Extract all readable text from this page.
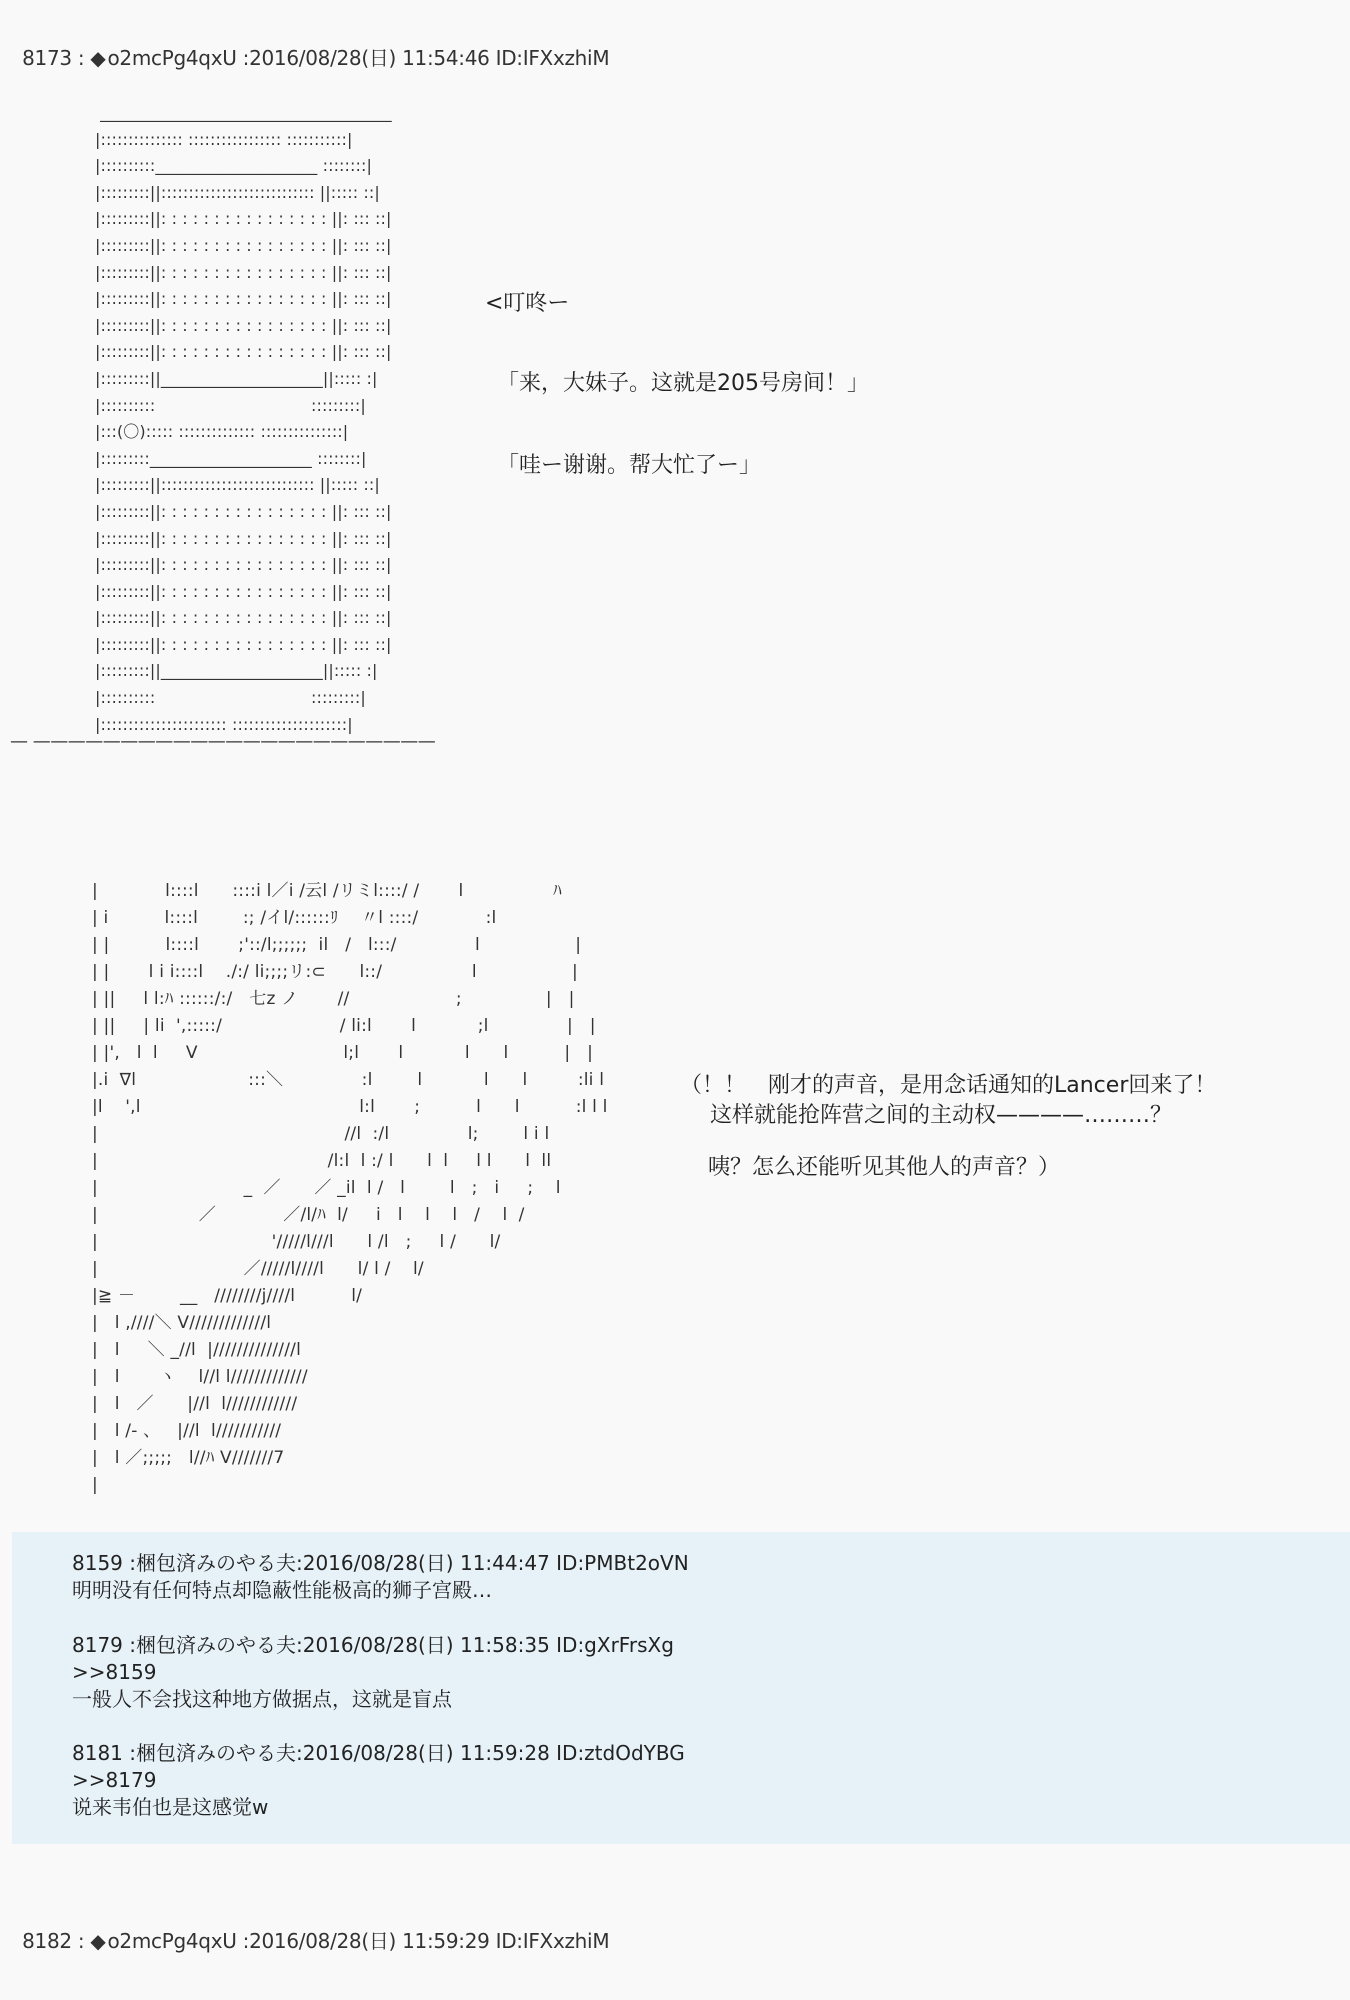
8173 : ◆ o2mcPg4qxU :2016/08/28(日) 11:54:46 ID:IFXxzhiM

____________________________________
|::::::::::::::: ::::::::::::::::: :::::::::::|
|::::::::::____________________ ::::::::|
|:::::::::||:::::::::::::::::::::::::::: ||::::: ::|
|:::::::::||: : : : : : : : : : : : : : : : ||: ::: ::|
|:::::::::||: : : : : : : : : : : : : : : : ||: ::: ::|
|:::::::::||: : : : : : : : : : : : : : : : ||: ::: ::|
|:::::::::||: : : : : : : : : : : : : : : : ||: ::: ::|
|:::::::::||: : : : : : : : : : : : : : : : ||: ::: ::|
|:::::::::||: : : : : : : : : : : : : : : : ||: ::: ::|
|:::::::::||____________________||::::: :|
|::::::::::                              :::::::::|
|:::(〇)::::: :::::::::::::: :::::::::::::::|
|:::::::::____________________ ::::::::|
|:::::::::||:::::::::::::::::::::::::::: ||::::: ::|
|:::::::::||: : : : : : : : : : : : : : : : ||: ::: ::|
|:::::::::||: : : : : : : : : : : : : : : : ||: ::: ::|
|:::::::::||: : : : : : : : : : : : : : : : ||: ::: ::|
|:::::::::||: : : : : : : : : : : : : : : : ||: ::: ::|
|:::::::::||: : : : : : : : : : : : : : : : ||: ::: ::|
|:::::::::||: : : : : : : : : : : : : : : : ||: ::: ::|
|:::::::::||____________________||::::: :|
|::::::::::                              :::::::::|
|::::::::::::::::::::::: :::::::::::::::::::::|
— ———————————————————————
<叮咚ー
「来，大妹子。这就是205号房间！」
「哇ー谢谢。帮大忙了ー」
|            l::::l      ::::i l／i /云l /リミl::::/ /       l                ﾊ
| i          l::::l        :; /イl/::::::ﾘ    〃l ::::/            :l
| |          l::::l       ;'::/l;;;;;;  il   /   l:::/              l                 |
| |       l i i::::l    ./:/ li;;;;リ:⊂      l::/                l                 |
| ||     l l:ﾊ ::::::/:/   七z ノ       //                   ;               |   |
| ||     | li  ',:::::/                     / li:l       l           ;l              |   |
| |',   l  l     V                          l;l       l           l      l          |   |
|.i  ∇l                    :::＼              :l        l           l      l         :li l
|l    ',l                                       l:l       ;          l      l          :l l l
|                                            //l  :/l              l;        l i l
|                                         /l:l  l :/ l      l  l     l l      l  ll
|                          _  ／      ／ _il  l /   l        l   ;   i     ;    l
|                  ／            ／/l/ﾊ  l/     i   l    l    l   /    l  /
|                               '/////l///l      l /l   ;     l /      l/
|                          ／/////l////l      l/ l /    l/
|≧ －        __   ////////j////l          l/
|   l ,////＼ V/////////////l
|   l     ＼ _//l  |//////////////l
|   l       ヽ    l//l l/////////////
|   l   ／      |//l  l////////////
|   l /- 、   |//l  l///////////
|   l ／;;;;;   l//ﾊ V///////7
|
（！！　刚才的声音，是用念话通知的Lancer回来了！
这样就能抢阵营之间的主动权————………？
咦？怎么还能听见其他人的声音？）
8159 :梱包済みのやる夫:2016/08/28(日) 11:44:47 ID:PMBt2oVN
明明没有任何特点却隐蔽性能极高的狮子宫殿…
8179 :梱包済みのやる夫:2016/08/28(日) 11:58:35 ID:gXrFrsXg
>>8159
一般人不会找这种地方做据点，这就是盲点
8181 :梱包済みのやる夫:2016/08/28(日) 11:59:28 ID:ztdOdYBG
>>8179
说来韦伯也是这感觉w

8182 : ◆ o2mcPg4qxU :2016/08/28(日) 11:59:29 ID:IFXxzhiM
